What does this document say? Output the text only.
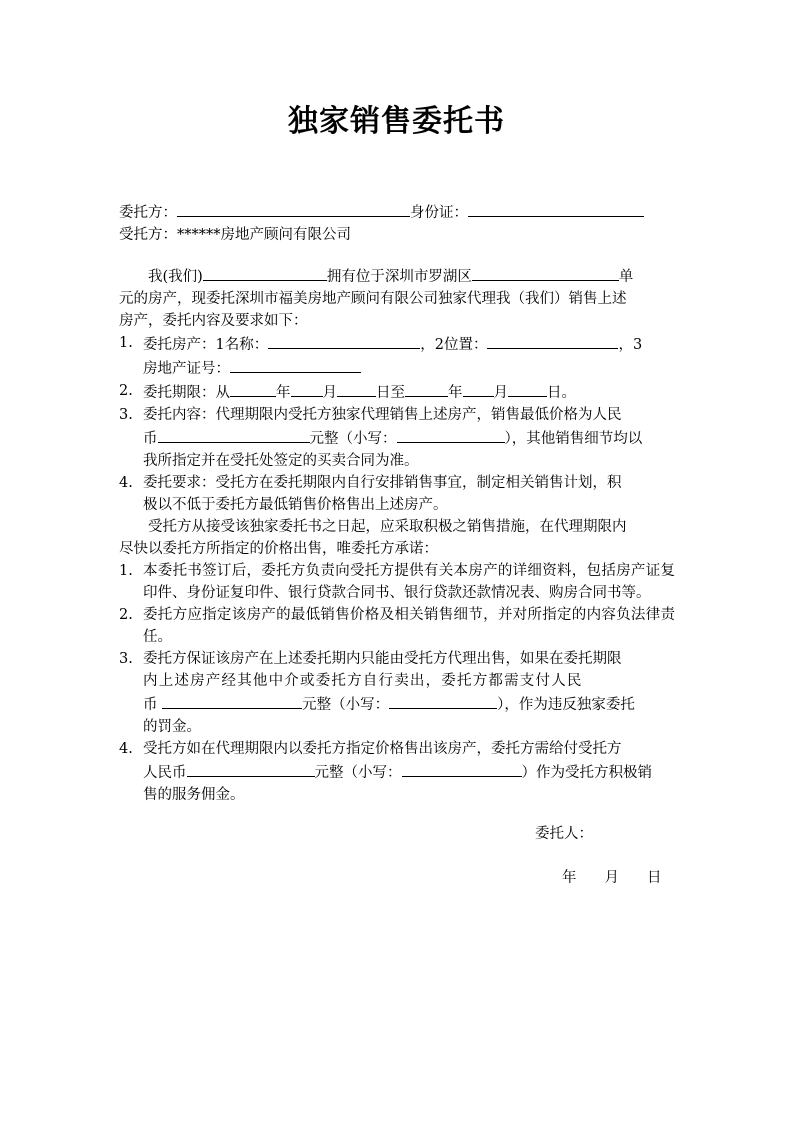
独家销售委托书
委托方：	身份证：
受托方：******房地产顾问有限公司
我(我们)	拥有位于深圳市罗湖区	单
元的房产，现委托深圳市福美房地产顾问有限公司独家代理我（我们）销售上述
房产，委托内容及要求如下：
1. 委托房产：1名称：	，2位置：	，3
房地产证号：
2. 委托期限：从	年 月	日至	年 月	日。
3. 委托内容：代理期限内受托方独家代理销售上述房产，销售最低价格为人民
币	元整（小写：	），其他销售细节均以
我所指定并在受托处签定的买卖合同为准。
4. 委托要求：受托方在委托期限内自行安排销售事宜，制定相关销售计划，积
极以不低于委托方最低销售价格售出上述房产。
受托方从接受该独家委托书之日起，应采取积极之销售措施，在代理期限内
尽快以委托方所指定的价格出售，唯委托方承诺：
1. 本委托书签订后，委托方负责向受托方提供有关本房产的详细资料，包括房产证复印件、身份证复印件、银行贷款合同书、银行贷款还款情况表、购房合同书等。
2. 委托方应指定该房产的最低销售价格及相关销售细节，并对所指定的内容负法律责任。
3. 委托方保证该房产在上述委托期内只能由受托方代理出售，如果在委托期限
内上述房产经其他中介或委托方自行卖出，委托方都需支付人民
币	元整（小写：	），作为违反独家委托
的罚金。
4. 受托方如在代理期限内以委托方指定价格售出该房产，委托方需给付受托方
人民币	元整（小写：	）作为受托方积极销
售的服务佣金。
委托人：
年 月 日
